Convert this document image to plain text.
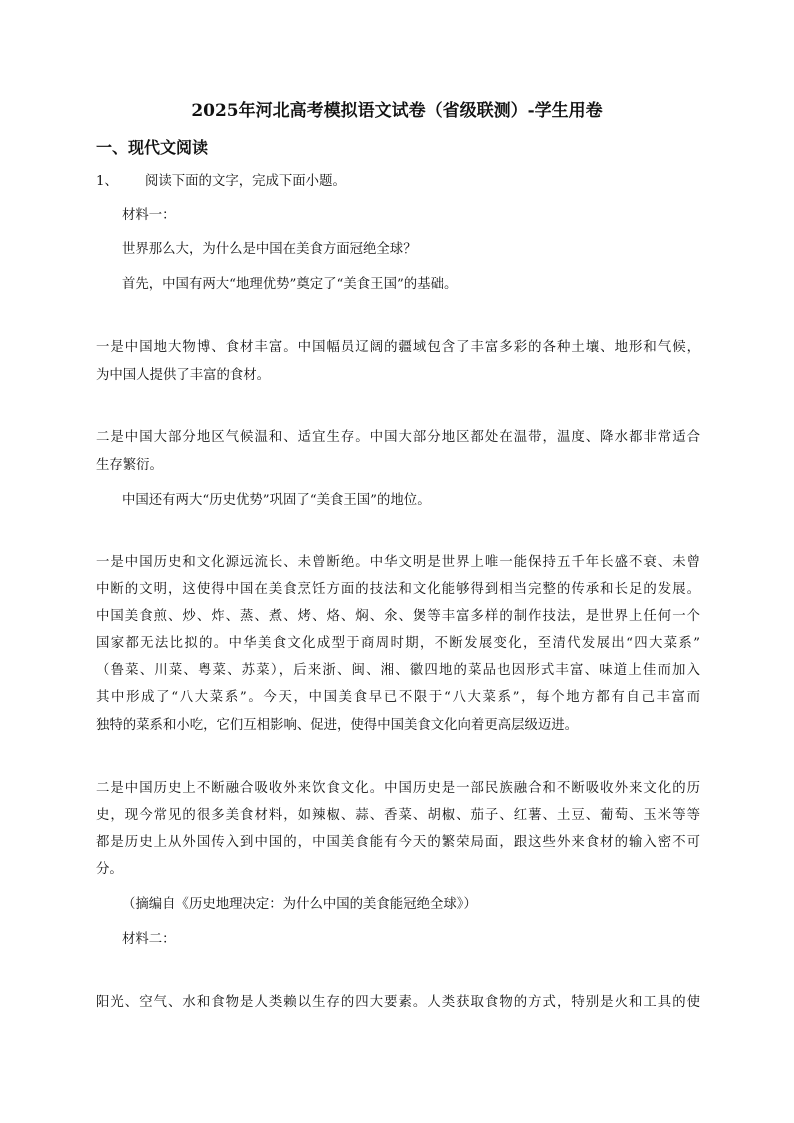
2025年河北高考模拟语文试卷（省级联测）-学生用卷
一、现代文阅读
1、 阅读下面的文字，完成下面小题。
材料一：
世界那么大，为什么是中国在美食方面冠绝全球？
首先，中国有两大“地理优势”奠定了“美食王国”的基础。
一是中国地大物博、食材丰富。中国幅员辽阔的疆域包含了丰富多彩的各种土壤、地形和气候，
为中国人提供了丰富的食材。
二是中国大部分地区气候温和、适宜生存。中国大部分地区都处在温带，温度、降水都非常适合
生存繁衍。
中国还有两大“历史优势”巩固了“美食王国”的地位。
一是中国历史和文化源远流长、未曾断绝。中华文明是世界上唯一能保持五千年长盛不衰、未曾
中断的文明，这使得中国在美食烹饪方面的技法和文化能够得到相当完整的传承和长足的发展。
中国美食煎、炒、炸、蒸、煮、烤、烙、焖、氽、煲等丰富多样的制作技法，是世界上任何一个
国家都无法比拟的。中华美食文化成型于商周时期，不断发展变化，至清代发展出“四大菜系”
（鲁菜、川菜、粤菜、苏菜），后来浙、闽、湘、徽四地的菜品也因形式丰富、味道上佳而加入
其中形成了“八大菜系”。今天，中国美食早已不限于“八大菜系”，每个地方都有自己丰富而
独特的菜系和小吃，它们互相影响、促进，使得中国美食文化向着更高层级迈进。
二是中国历史上不断融合吸收外来饮食文化。中国历史是一部民族融合和不断吸收外来文化的历
史，现今常见的很多美食材料，如辣椒、蒜、香菜、胡椒、茄子、红薯、土豆、葡萄、玉米等等
都是历史上从外国传入到中国的，中国美食能有今天的繁荣局面，跟这些外来食材的输入密不可
分。
（摘编自《历史地理决定：为什么中国的美食能冠绝全球》）
材料二：
阳光、空气、水和食物是人类赖以生存的四大要素。人类获取食物的方式，特别是火和工具的使
